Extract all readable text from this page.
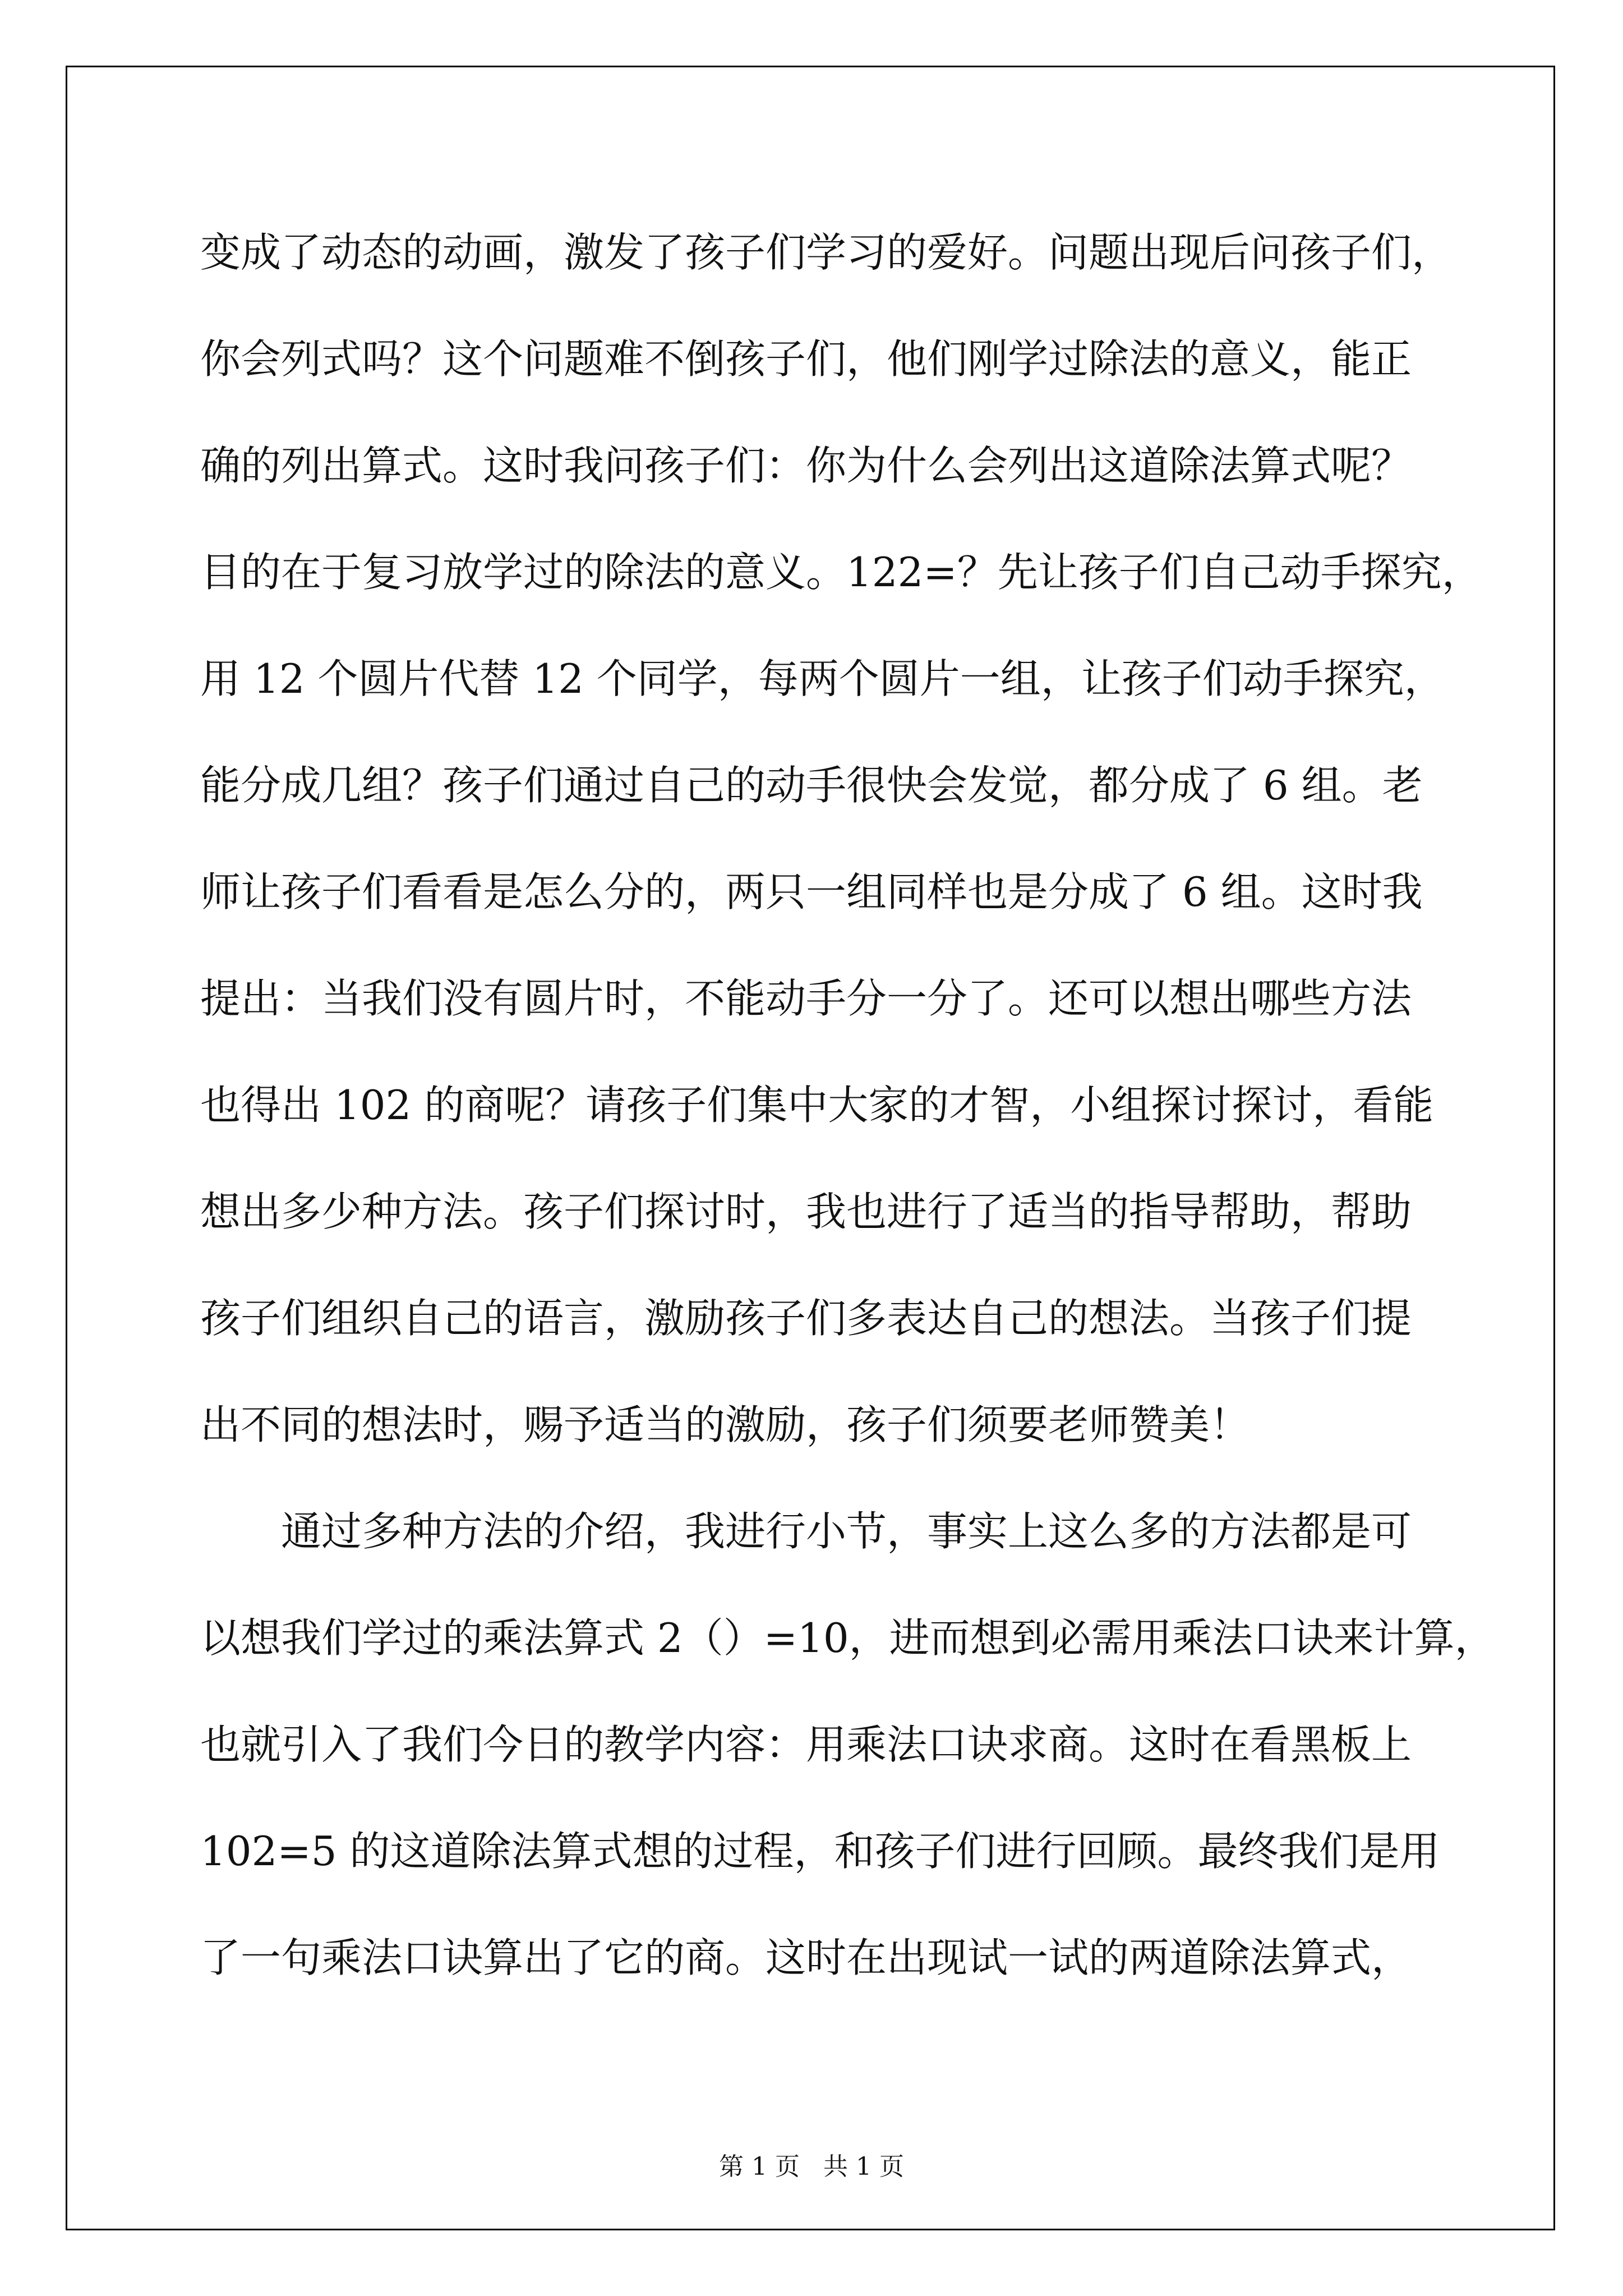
变成了动态的动画，激发了孩子们学习的爱好。问题出现后问孩子们，
你会列式吗？这个问题难不倒孩子们，他们刚学过除法的意义，能正
确的列出算式。这时我问孩子们：你为什么会列出这道除法算式呢？
目的在于复习放学过的除法的意义。122=？先让孩子们自己动手探究，
用 12 个圆片代替 12 个同学，每两个圆片一组，让孩子们动手探究，
能分成几组？孩子们通过自己的动手很快会发觉，都分成了 6 组。老
师让孩子们看看是怎么分的，两只一组同样也是分成了 6 组。这时我
提出：当我们没有圆片时，不能动手分一分了。还可以想出哪些方法
也得出 102 的商呢？请孩子们集中大家的才智，小组探讨探讨，看能
想出多少种方法。孩子们探讨时，我也进行了适当的指导帮助，帮助
孩子们组织自己的语言，激励孩子们多表达自己的想法。当孩子们提
出不同的想法时，赐予适当的激励，孩子们须要老师赞美！
通过多种方法的介绍，我进行小节，事实上这么多的方法都是可
以想我们学过的乘法算式 2（）=10，进而想到必需用乘法口诀来计算，
也就引入了我们今日的教学内容：用乘法口诀求商。这时在看黑板上
102=5 的这道除法算式想的过程，和孩子们进行回顾。最终我们是用
了一句乘法口诀算出了它的商。这时在出现试一试的两道除法算式，
第 1 页 共 1 页
